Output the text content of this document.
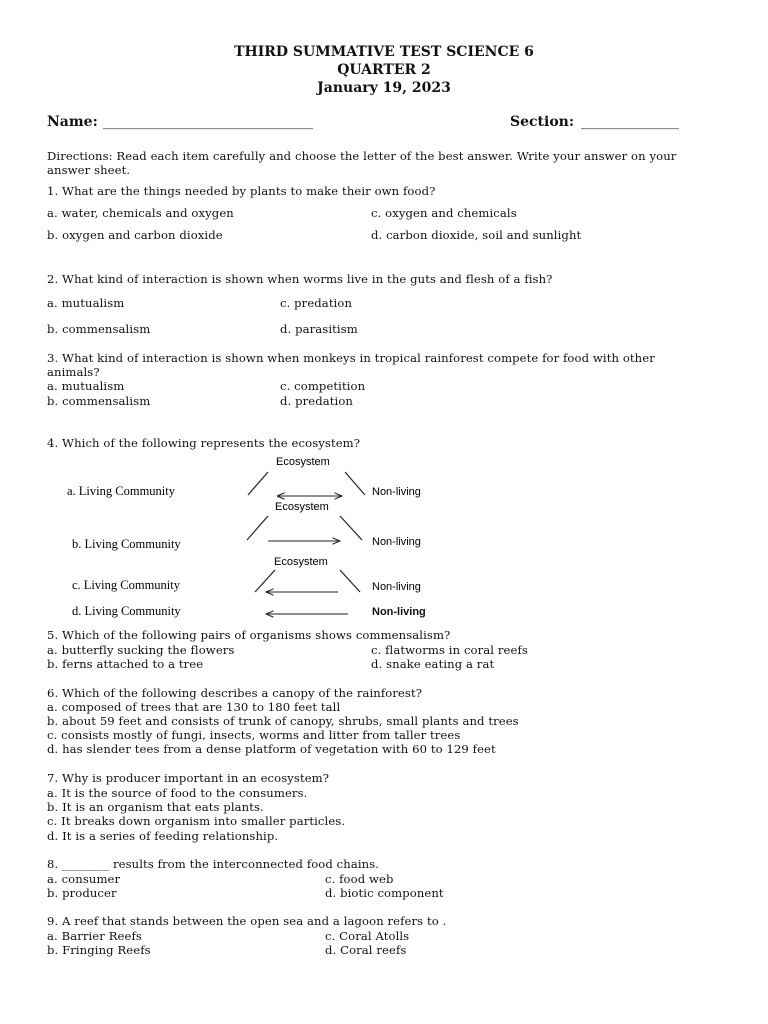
THIRD SUMMATIVE TEST SCIENCE 6
QUARTER 2
January 19, 2023
Name: ______________________________	Section: ______________
Directions: Read each item carefully and choose the letter of the best answer. Write your answer on your
answer sheet.
1. What are the things needed by plants to make their own food?
a. water, chemicals and oxygen	c. oxygen and chemicals
b. oxygen and carbon dioxide	d. carbon dioxide, soil and sunlight
2. What kind of interaction is shown when worms live in the guts and flesh of a fish?
a. mutualism	c. predation
b. commensalism	d. parasitism
3. What kind of interaction is shown when monkeys in tropical rainforest compete for food with other
animals?
a. mutualism	c. competition
b. commensalism	d. predation
4. Which of the following represents the ecosystem?
a. Living Community
Ecosystem
Non-living
b. Living Community
Ecosystem
Non-living
c. Living Community
Ecosystem
Non-living
d. Living Community	Non-living
5. Which of the following pairs of organisms shows commensalism?
a. butterfly sucking the flowers	c. flatworms in coral reefs
b. ferns attached to a tree	d. snake eating a rat
6. Which of the following describes a canopy of the rainforest?
a. composed of trees that are 130 to 180 feet tall
b. about 59 feet and consists of trunk of canopy, shrubs, small plants and trees
c. consists mostly of fungi, insects, worms and litter from taller trees
d. has slender tees from a dense platform of vegetation with 60 to 129 feet
7. Why is producer important in an ecosystem?
a. It is the source of food to the consumers.
b. It is an organism that eats plants.
c. It breaks down organism into smaller particles.
d. It is a series of feeding relationship.
8. ________ results from the interconnected food chains.
a. consumer	c. food web
b. producer	d. biotic component
9. A reef that stands between the open sea and a lagoon refers to .
a. Barrier Reefs	c. Coral Atolls
b. Fringing Reefs	d. Coral reefs
